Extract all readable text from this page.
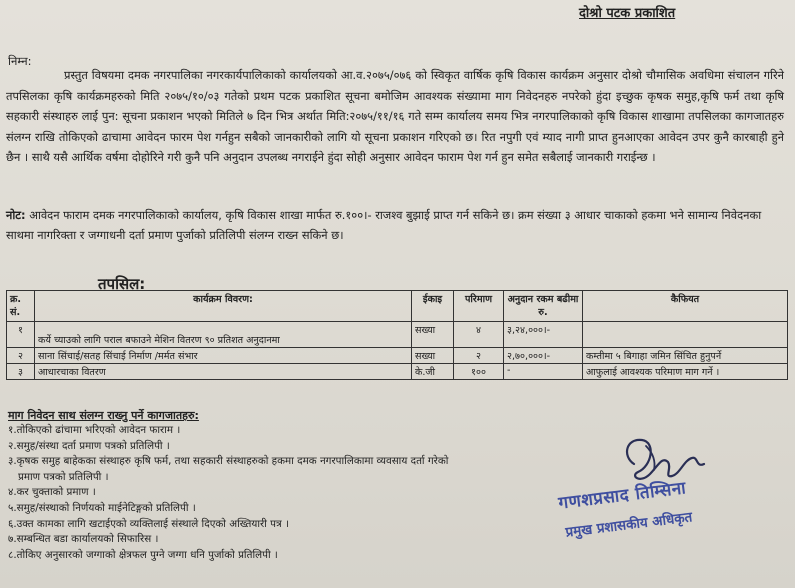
दोश्रो पटक प्रकाशित
निम्न:
प्रस्तुत विषयमा दमक नगरपालिका नगरकार्यपालिकाको कार्यालयको आ.व.२०७५/०७६ को स्विकृत वार्षिक कृषि विकास कार्यक्रम अनुसार दोश्रो चौमासिक अवधिमा संचालन गरिने तपसिलका कृषि कार्यक्रमहरुको मिति २०७५/१०/०३ गतेको प्रथम पटक प्रकाशित सूचना बमोजिम आवश्यक संख्यामा माग निवेदनहरु नपरेको हुंदा इच्छुक कृषक समुह,कृषि फर्म तथा कृषि सहकारी संस्थाहरु लाई पुन: सूचना प्रकाशन भएको मितिले ७ दिन भित्र अर्थात मिति:२०७५/११/१६ गते सम्म कार्यालय समय भित्र नगरपालिकाको कृषि विकास शाखामा तपसिलका कागजातहरु संलग्न राखि तोकिएको ढाचामा आवेदन फारम पेश गर्नहुन सबैको जानकारीको लागि यो सूचना प्रकाशन गरिएको छ। रित नपुगी एवं म्याद नागी प्राप्त हुनआएका आवेदन उपर कुनै कारबाही हुने छैन । साथै यसै आर्थिक वर्षमा दोहोरिने गरी कुनै पनि अनुदान उपलब्ध नगराईने हुंदा सोही अनुसार आवेदन फाराम पेश गर्न हुन समेत सबैलाई जानकारी गराईन्छ ।
नोट: आवेदन फाराम दमक नगरपालिकाको कार्यालय, कृषि विकास शाखा मार्फत रु.१००।- राजश्व बुझाई प्राप्त गर्न सकिने छ। क्रम संख्या ३ आधार चाकाको हकमा भने सामान्य निवेदनका साथमा नागरिक्ता र जग्गाधनी दर्ता प्रमाण पुर्जाको प्रतिलिपी संलग्न राख्न सकिने छ।
तपसिल:
क्र. सं.	कार्यक्रम विवरण:	ईकाइ	परिमाण	अनुदान रकम बढीमा रु.	कैफियत
१	कर्ये च्याउको लागि पराल बफाउने मेशिन वितरण ९० प्रतिशत अनुदानमा	सख्या	४	३,२४,०००।-	
२	साना सिंचाई/सतह सिंचाई निर्माण /मर्मत संभार	सख्या	२	२,७०,०००।-	कम्तीमा ५ बिगाहा जमिन सिंचित हुनुपर्ने
३	आधारचाका वितरण	के.जी	१००	-	आफुलाई आवश्यक परिमाण माग गर्ने ।
माग निवेदन साथ संलग्न राख्नु पर्ने कागजातहरु:
१.तोकिएको ढांचामा भरिएको आवेदन फाराम ।
२.समुह/संस्था दर्ता प्रमाण पत्रको प्रतिलिपी ।
३.कृषक समुह बाहेकका संस्थाहरु कृषि फर्म, तथा सहकारी संस्थाहरुको हकमा दमक नगरपालिकामा व्यवसाय दर्ता गरेको
प्रमाण पत्रको प्रतिलिपी ।
४.कर चुक्ताको प्रमाण ।
५.समुह/संस्थाको निर्णयको माईनेटिङ्गको प्रतिलिपी ।
६.उक्त कामका लागि खटाईएको व्यक्तिलाई संस्थाले दिएको अख्तियारी पत्र ।
७.सम्बन्धित बडा कार्यालयको सिफारिस ।
८.तोकिए अनुसारको जग्गाको क्षेत्रफल पुग्ने जग्गा धनि पुर्जाको प्रतिलिपी ।
गणशप्रसाद तिम्सिना
प्रमुख प्रशासकीय अधिकृत
